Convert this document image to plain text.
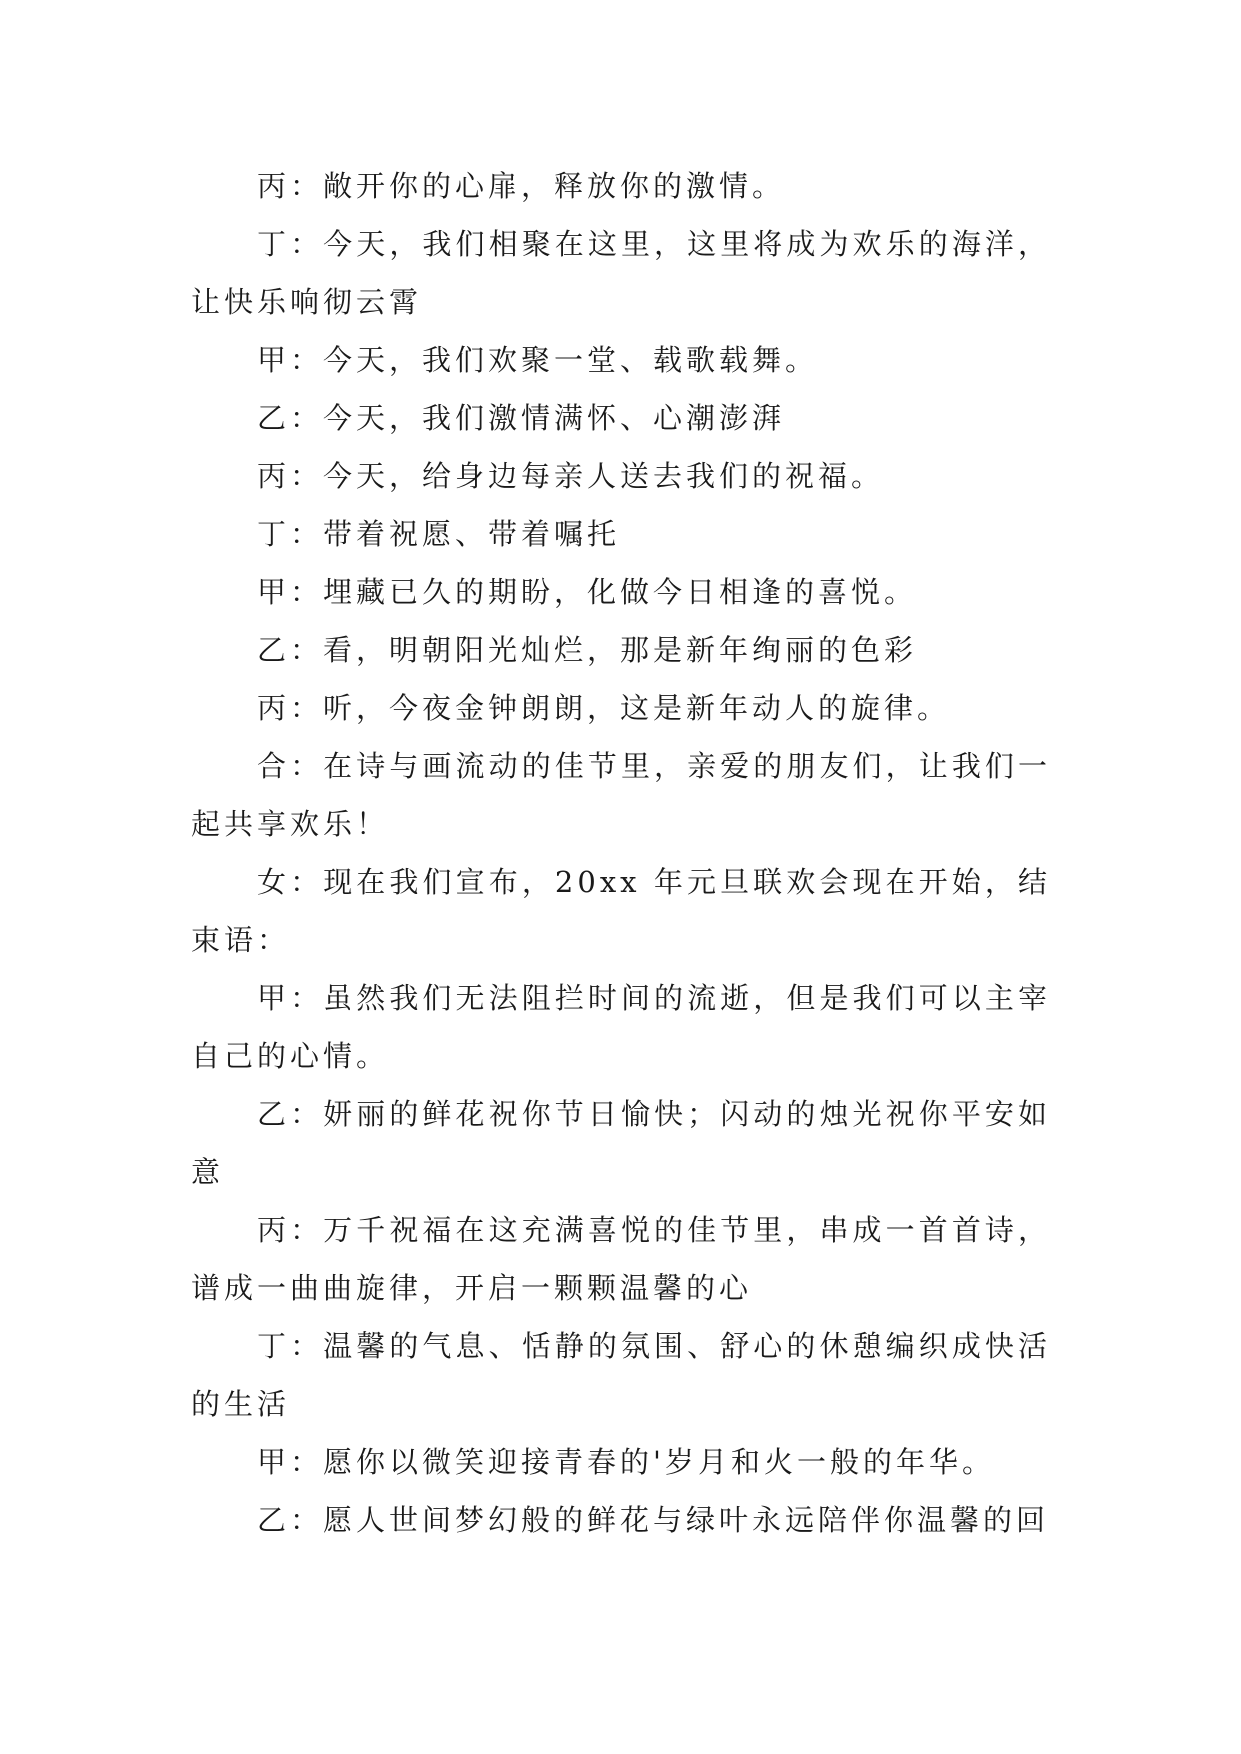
丙：敞开你的心扉，释放你的激情。

丁：今天，我们相聚在这里，这里将成为欢乐的海洋，让快乐响彻云霄

甲：今天，我们欢聚一堂、载歌载舞。

乙：今天，我们激情满怀、心潮澎湃

丙：今天，给身边每亲人送去我们的祝福。

丁：带着祝愿、带着嘱托

甲：埋藏已久的期盼，化做今日相逢的喜悦。

乙：看，明朝阳光灿烂，那是新年绚丽的色彩

丙：听，今夜金钟朗朗，这是新年动人的旋律。

合：在诗与画流动的佳节里，亲爱的朋友们，让我们一起共享欢乐！

女：现在我们宣布，20xx 年元旦联欢会现在开始，结束语：

甲：虽然我们无法阻拦时间的流逝，但是我们可以主宰自己的心情。

乙：妍丽的鲜花祝你节日愉快；闪动的烛光祝你平安如意

丙：万千祝福在这充满喜悦的佳节里，串成一首首诗，谱成一曲曲旋律，开启一颗颗温馨的心

丁：温馨的气息、恬静的氛围、舒心的休憩编织成快活的生活

甲：愿你以微笑迎接青春的'岁月和火一般的年华。

乙：愿人世间梦幻般的鲜花与绿叶永远陪伴你温馨的回
